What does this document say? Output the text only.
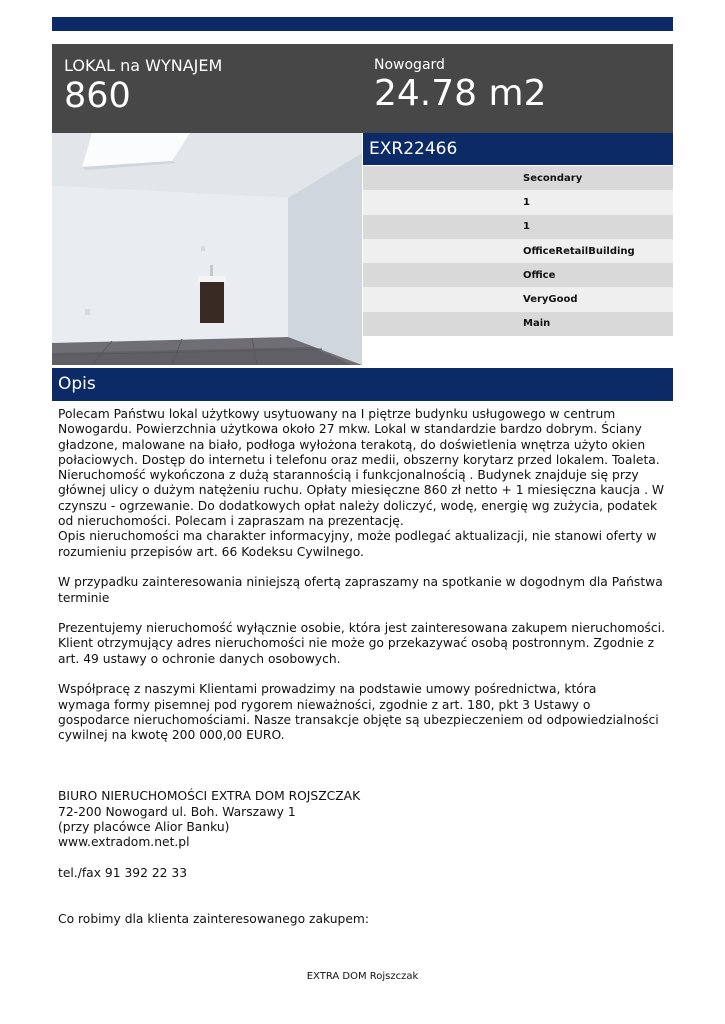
LOKAL na WYNAJEM
860
Nowogard
24.78 m2
EXR22466
Secondary
1
1
OfficeRetailBuilding
Office
VeryGood
Main
Opis

Polecam Państwu lokal użytkowy usytuowany na I piętrze budynku usługowego w centrum
Nowogardu. Powierzchnia użytkowa około 27 mkw. Lokal w standardzie bardzo dobrym. Ściany
gładzone, malowane na biało, podłoga wyłożona terakotą, do doświetlenia wnętrza użyto okien
połaciowych. Dostęp do internetu i telefonu oraz medii, obszerny korytarz przed lokalem. Toaleta.
Nieruchomość wykończona z dużą starannością i funkcjonalnością . Budynek znajduje się przy
głównej ulicy o dużym natężeniu ruchu. Opłaty miesięczne 860 zł netto + 1 miesięczna kaucja . W
czynszu - ogrzewanie. Do dodatkowych opłat należy doliczyć, wodę, energię wg zużycia, podatek
od nieruchomości. Polecam i zapraszam na prezentację.
Opis nieruchomości ma charakter informacyjny, może podlegać aktualizacji, nie stanowi oferty w
rozumieniu przepisów art. 66 Kodeksu Cywilnego.

W przypadku zainteresowania niniejszą ofertą zapraszamy na spotkanie w dogodnym dla Państwa
terminie

Prezentujemy nieruchomość wyłącznie osobie, która jest zainteresowana zakupem nieruchomości.
Klient otrzymujący adres nieruchomości nie może go przekazywać osobą postronnym. Zgodnie z
art. 49 ustawy o ochronie danych osobowych.

Współpracę z naszymi Klientami prowadzimy na podstawie umowy pośrednictwa, która
wymaga formy pisemnej pod rygorem nieważności, zgodnie z art. 180, pkt 3 Ustawy o
gospodarce nieruchomościami. Nasze transakcje objęte są ubezpieczeniem od odpowiedzialności
cywilnej na kwotę 200 000,00 EURO.

BIURO NIERUCHOMOŚCI EXTRA DOM ROJSZCZAK
72-200 Nowogard ul. Boh. Warszawy 1
(przy placówce Alior Banku)
www.extradom.net.pl

tel./fax 91 392 22 33

Co robimy dla klienta zainteresowanego zakupem:

EXTRA DOM Rojszczak
